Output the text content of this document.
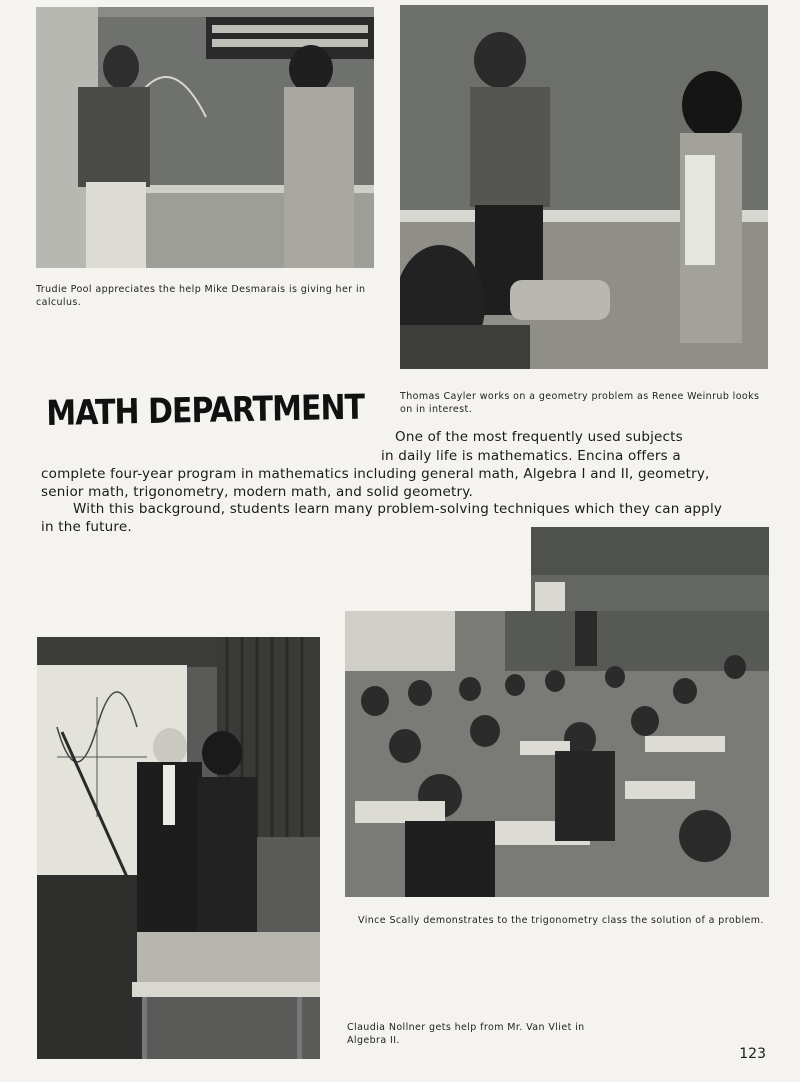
Trudie Pool appreciates the help Mike Desmarais is giving her in
calculus.
Thomas Cayler works on a geometry problem as Renee Weinrub looks
on in interest.
MATH DEPARTMENT
One of the most frequently used subjects
in daily life is mathematics. Encina offers a
complete four-year program in mathematics including general math, Algebra I and II, geometry,
senior math, trigonometry, modern math, and solid geometry.
With this background, students learn many problem-solving techniques which they can apply
in the future.
Vince Scally demonstrates to the trigonometry class the solution of a problem.
Claudia Nollner gets help from Mr. Van Vliet in
Algebra II.
123
